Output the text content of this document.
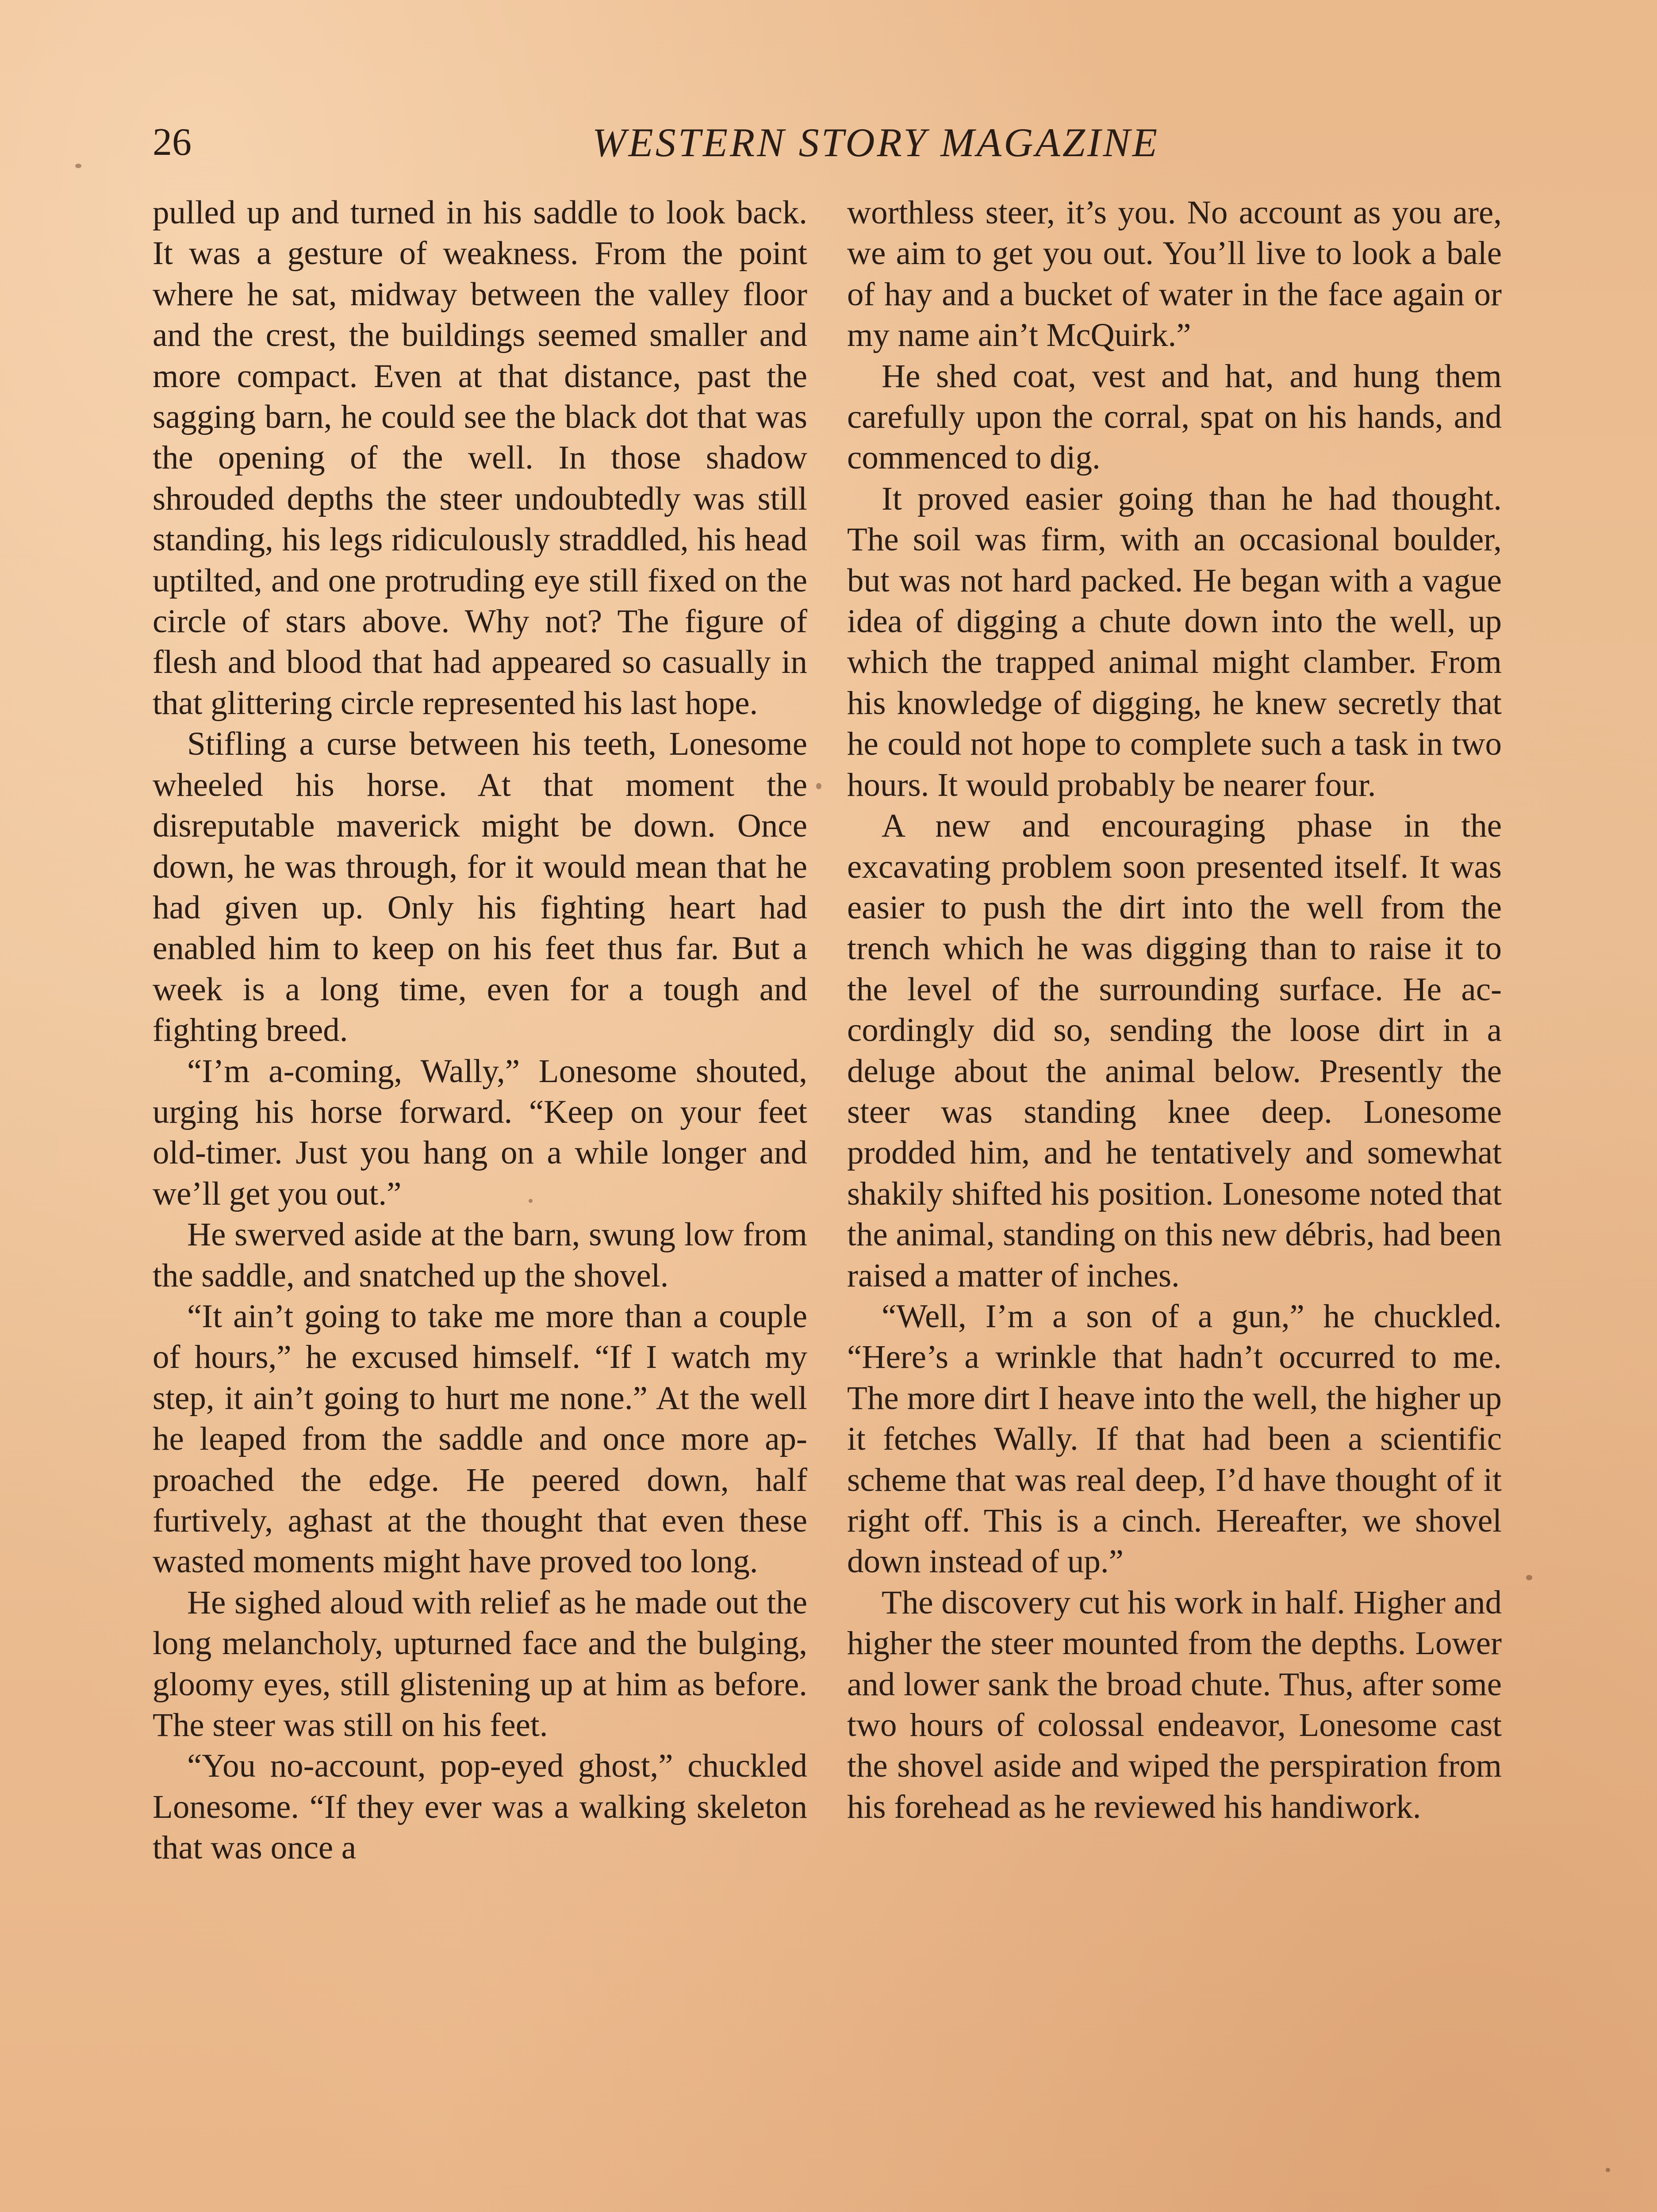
26	WESTERN STORY MAGAZINE

pulled up and turned in his saddle to look back. It was a gesture of weakness. From the point where he sat, midway between the valley floor and the crest, the buildings seemed smaller and more compact. Even at that distance, past the sagging barn, he could see the black dot that was the opening of the well. In those shadow shrouded depths the steer undoubtedly was still standing, his legs ridiculously straddled, his head uptilted, and one protruding eye still fixed on the circle of stars above. Why not? The figure of flesh and blood that had appeared so casually in that glittering circle represented his last hope.

Stifling a curse between his teeth, Lonesome wheeled his horse. At that moment the disreputable maverick might be down. Once down, he was through, for it would mean that he had given up. Only his fighting heart had enabled him to keep on his feet thus far. But a week is a long time, even for a tough and fighting breed.

“I’m a-coming, Wally,” Lonesome shouted, urging his horse forward. “Keep on your feet old-timer. Just you hang on a while longer and we’ll get you out.”

He swerved aside at the barn, swung low from the saddle, and snatched up the shovel.

“It ain’t going to take me more than a couple of hours,” he excused himself. “If I watch my step, it ain’t going to hurt me none.” At the well he leaped from the saddle and once more approached the edge. He peered down, half furtively, aghast at the thought that even these wasted moments might have proved too long.

He sighed aloud with relief as he made out the long melancholy, upturned face and the bulging, gloomy eyes, still glistening up at him as before. The steer was still on his feet.

“You no-account, pop-eyed ghost,” chuckled Lonesome. “If they ever was a walking skeleton that was once a

worthless steer, it’s you. No account as you are, we aim to get you out. You’ll live to look a bale of hay and a bucket of water in the face again or my name ain’t McQuirk.”

He shed coat, vest and hat, and hung them carefully upon the corral, spat on his hands, and commenced to dig.

It proved easier going than he had thought. The soil was firm, with an occasional boulder, but was not hard packed. He began with a vague idea of digging a chute down into the well, up which the trapped animal might clamber. From his knowledge of digging, he knew secretly that he could not hope to complete such a task in two hours. It would probably be nearer four.

A new and encouraging phase in the excavating problem soon presented itself. It was easier to push the dirt into the well from the trench which he was digging than to raise it to the level of the surrounding surface. He accordingly did so, sending the loose dirt in a deluge about the animal below. Presently the steer was standing knee deep. Lonesome prodded him, and he tentatively and somewhat shakily shifted his position. Lonesome noted that the animal, standing on this new débris, had been raised a matter of inches.

“Well, I’m a son of a gun,” he chuckled. “Here’s a wrinkle that hadn’t occurred to me. The more dirt I heave into the well, the higher up it fetches Wally. If that had been a scientific scheme that was real deep, I’d have thought of it right off. This is a cinch. Hereafter, we shovel down instead of up.”

The discovery cut his work in half. Higher and higher the steer mounted from the depths. Lower and lower sank the broad chute. Thus, after some two hours of colossal endeavor, Lonesome cast the shovel aside and wiped the perspiration from his forehead as he reviewed his handiwork.
